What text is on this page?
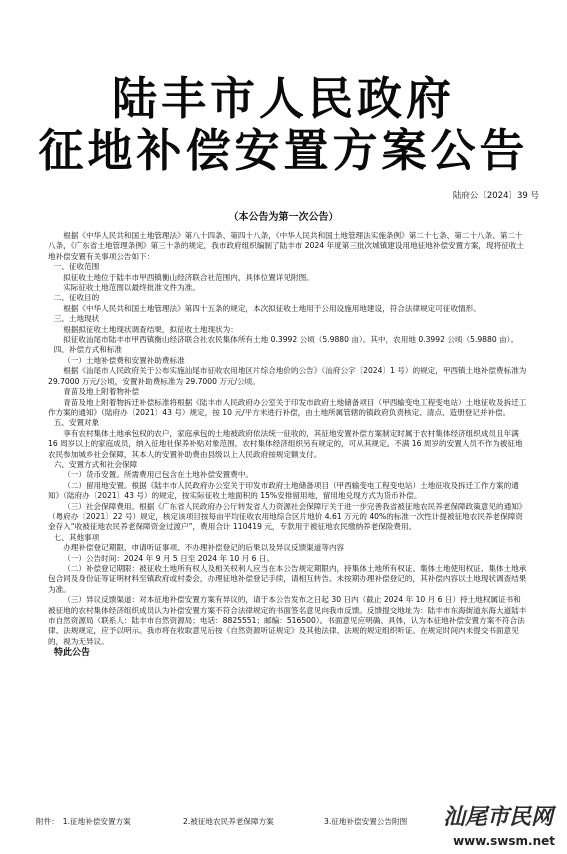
陆丰市人民政府
征地补偿安置方案公告
陆府公〔2024〕39 号
（本公告为第一次公告）

根据《中华人民共和国土地管理法》第八十四条、第四十八条，《中华人民共和国土地管理法实施条例》第二十七条、第二十八条、第二十八条，《广东省土地管理条例》第三十条的规定，我市政府组织编制了陆丰市 2024 年度第三批次城镇建设用地征地补偿安置方案，现将征收土地补偿安置有关事项公告如下：

一、征收范围

拟征收土地位于陆丰市甲西镇衡山经济联合社范围内，具体位置详见附图。

实际征收土地范围以最终批准文件为准。

二、征收目的

根据《中华人民共和国土地管理法》第四十五条的规定，本次拟征收土地用于公用设施用地建设，符合法律规定可征收情形。

三、土地现状

根据拟征收土地现状调查结果，拟征收土地现状为：

拟征收汕尾市陆丰市甲西镇衡山经济联合社农民集体所有土地 0.3992 公顷（5.9880 亩）。其中，农用地 0.3992 公顷（5.9880 亩）。

四、补偿方式和标准

（一）土地补偿费和安置补助费标准

根据《汕尾市人民政府关于公布实施汕尾市征收农用地区片综合地价的公告》（汕府公字〔2024〕1 号）的规定，甲西镇土地补偿费标准为 29.7000 万元/公顷，安置补助费标准为 29.7000 万元/公顷。

青苗及地上附着物补偿

青苗及地上附着物拆迁补偿标准将根据《陆丰市人民政府办公室关于印发市政府土地储备项目（甲西输变电工程变电站）土地征收及拆迁工作方案的通知》（陆府办〔2021〕43 号）规定，按 10 元/平方米进行补偿，由土地所属管辖的镇政府负责核定、清点、造册登记并补偿。

五、安置对象

享有农村集体土地承包权的农户，家庭承包的土地被政府依法统一征收的，其征地安置补偿方案制定时属于农村集体经济组织成员且年满 16 周岁以上的家庭成员，纳入征地社保养补贴对象范围。农村集体经济组织另有规定的，可从其规定。不满 16 周岁的安置人员不作为被征地农民参加城乡社会保障，其本人的安置补助费由县级以上人民政府按规定额支付。

六、安置方式和社会保障

（一）货币安置。所需费用已包含在土地补偿安置费中。

（二）留用地安置。根据《陆丰市人民政府办公室关于印发市政府土地储备项目（甲西输变电工程变电站）土地征收及拆迁工作方案的通知》（陆府办〔2021〕43 号）的规定，按实际征收土地面积的 15%安排留用地，留用地兑现方式为货币补偿。

（三）社会保障费用。根据《广东省人民政府办公厅转发省人力资源社会保障厅关于进一步完善我省被征地农民养老保障政策意见的通知》（粤府办〔2021〕22 号）规定，核定该项目按每亩平均征收农用地综合区片地价 4.61 万元的 40%的标准一次性计提被征地农民养老保障资金存入“收被征地农民养老保障资金过渡户”，费用合计 110419 元，专款用于被征地农民缴纳养老保险费用。

七、其他事项

办理补偿登记期限、申请听证事项、不办理补偿登记的后果以及异议反馈渠道等内容

（一）公告时间：2024 年 9 月 5 日至 2024 年 10 月 6 日。

（二）补偿登记期限：被征收土地所有权人及相关权利人应当在本公告规定期限内，持集体土地所有权证、集体土地使用权证、集体土地承包合同及身份证等证明材料至镇政府或村委会，办理征地补偿登记手续，请相互转告。未按期办理补偿登记的，其补偿内容以土地现状调查结果为准。

（三）异议反馈渠道：对本征地补偿安置方案有异议的，请于本公告发布之日起 30 日内（截止 2024 年 10 月 6 日）持土地权属证书和被征地的农村集体经济组织成员认为补偿安置方案不符合法律规定的书面签名意见向我市反馈。反馈提交地址为：陆丰市东海街道东海大道陆丰市自然资源局（联系人：陆丰市自然资源局；电话：8825551；邮编：516500）。书面意见应明确、具体，认为本征地补偿安置方案不符合法律、法规规定，应予以明示。我市将在收取意见后按《自然资源听证规定》及其他法律、法规的规定组织听证。在规定时间内未提交书面意见的，视为无异议。

特此公告

附件： 1.征地补偿安置方案	2.被征地农民养老保障方案	3.征地补偿安置公告附图 汕尾市民网
www.swsm.net
